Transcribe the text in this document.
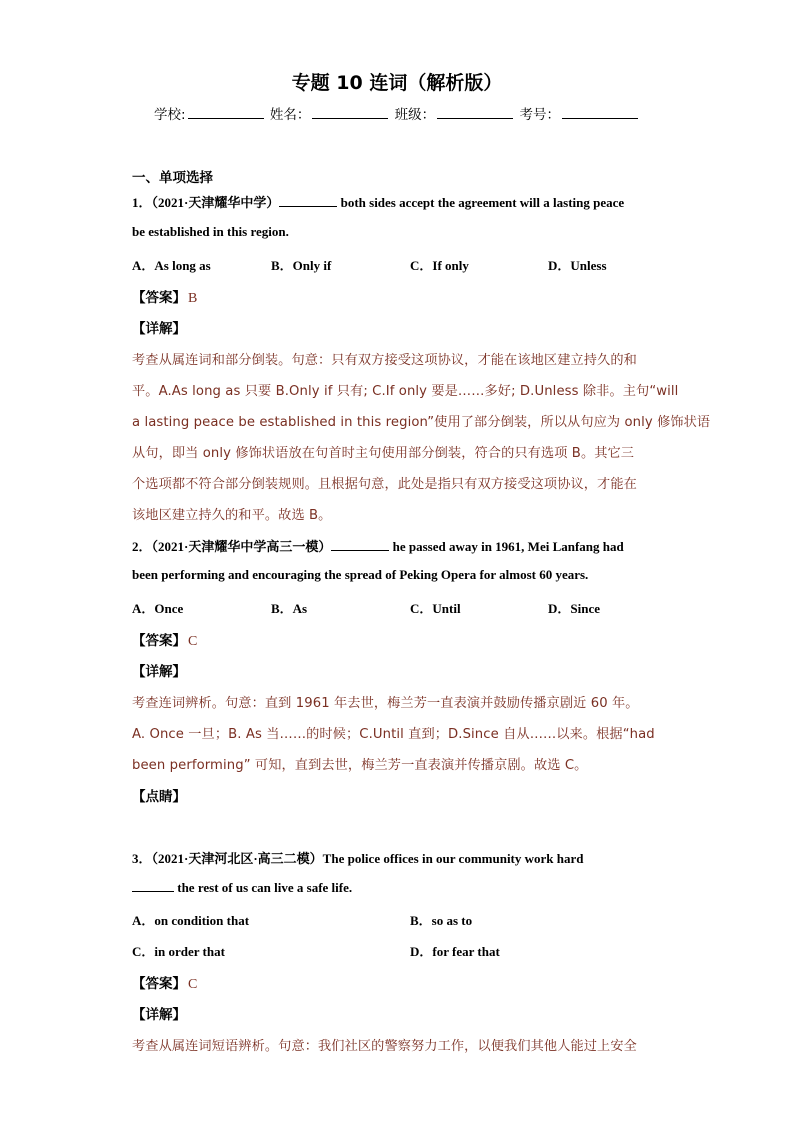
专题 10 连词（解析版）
学校:	姓名：	班级：	考号：
一、单项选择
1．（2021·天津耀华中学）	both sides accept the agreement will a lasting peace
be established in this region.
A．As long as	B．Only if	C．If only	D．Unless
【答案】 B
【详解】
考查从属连词和部分倒装。句意：只有双方接受这项协议，才能在该地区建立持久的和
平。A.As long as 只要 B.Only if 只有; C.If only 要是……多好; D.Unless 除非。主句“will
a lasting peace be established in this region”使用了部分倒装，所以从句应为 only 修饰状语
从句，即当 only 修饰状语放在句首时主句使用部分倒装，符合的只有选项 B。其它三
个选项都不符合部分倒装规则。且根据句意，此处是指只有双方接受这项协议，才能在
该地区建立持久的和平。故选 B。
2．（2021·天津耀华中学高三一模）	he passed away in 1961, Mei Lanfang had
been performing and encouraging the spread of Peking Opera for almost 60 years.
A．Once	B．As	C．Until	D．Since
【答案】 C
【详解】
考查连词辨析。句意：直到 1961 年去世，梅兰芳一直表演并鼓励传播京剧近 60 年。
A. Once 一旦；B. As 当……的时候；C.Until 直到；D.Since 自从……以来。根据“had
been performing” 可知，直到去世，梅兰芳一直表演并传播京剧。故选 C。
【点睛】
3．（2021·天津河北区·高三二模）The police offices in our community work hard
the rest of us can live a safe life.
A．on condition that	B．so as to
C．in order that	D．for fear that
【答案】 C
【详解】
考查从属连词短语辨析。句意：我们社区的警察努力工作，以便我们其他人能过上安全
